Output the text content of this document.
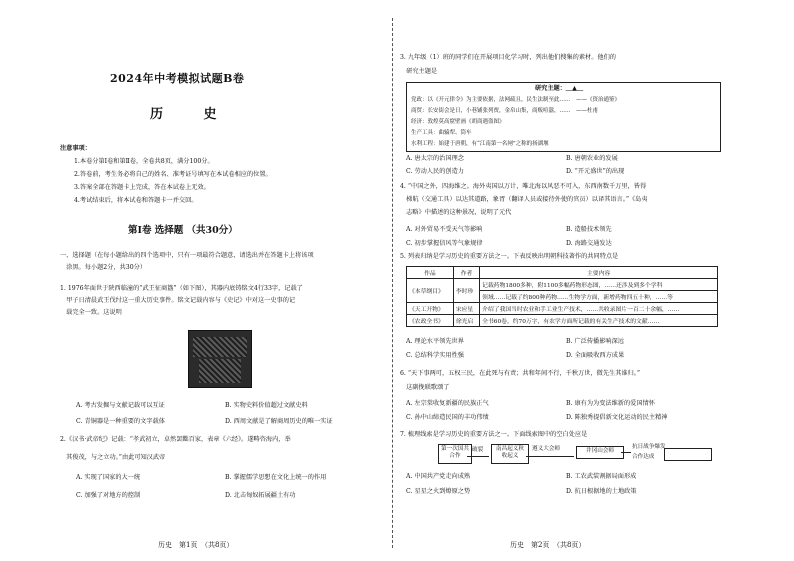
2024年中考模拟试题B卷
历 史
注意事项：
1.本卷分第Ⅰ卷和第Ⅱ卷，全卷共8页，满分100分。
2.答卷前，考生务必将自己的姓名、准考证号填写在本试卷相应的位置。
3.答案全部在答题卡上完成，答在本试卷上无效。
4.考试结束后，将本试卷和答题卡一并交回。
第Ⅰ卷 选择题 （共30分）
一、选择题（在每小题给出的四个选项中，只有一项最符合题意，请选出并在答题卡上将该项
　涂黑。每小题2分，共30分）
1. 1976年面世于陕西临潼的“武王征商簋”（如下图），其器内底铸铭文4行33字，记载了
　甲子日清晨武王伐纣这一重大历史事件。铭文记载内容与《史记》中对这一史事的记
　载完全一致。这说明
A. 考古发掘与文献记载可以互证	B. 实物史料价值超过文献史料
C. 青铜器是一种重要的文字载体	D. 西周文献是了解商周历史的唯一实证
2.《汉书·武帝纪》记载：“孝武初立，卓然罢黜百家，表章《六经》。遂畴咨海内，举
　其俊茂，与之立功。”由此可知汉武帝
A. 实现了国家的大一统	B. 掌握儒学思想在文化上统一的作用
C. 加强了对地方的控制	D. 北击匈奴拓展疆土有功
历史　第1页　（共8页）
3. 九年级（1）班的同学们在开展项目化学习时，列出他们搜集的素材。他们的
　研究主题是
研究主题：＿▲＿
党政：以《开元律令》为主要依据，法网疏且，民生法制至此……　——《资治通鉴》
商贸：长安街会是日，小巷铺张列贾，金帛山集，商贩喧嚣，……　——杜甫
经济：敦煌莫高窟壁画《胡商遇盗图》
生产工具：曲辕犁、筒车
水利工程：始建于唐朝，有“江南第一名闸”之称的扬湖堰
A. 唐太宗的治国理念	B. 唐朝农业的发展
C. 劳动人民的创造力	D. “开元盛世”的出现
4. “中国之外，四海维之。海外夷国以万计，唯北海以风恶不可入，东西南数千万里，皆得
　梯航（交通工具）以达其道路，象胥（翻译人员或接待外使的官员）以译其语言。”《岛夷
　志略》中描述的这种景况，说明了元代
A. 对外贸易不受天气等影响	B. 造船技术领先
C. 初步掌握信风等气象规律	D. 海路交通发达
5. 列表归纳是学习历史的重要方法之一。下表反映出明朝科技著作的共同特点是
作品	作者	主要内容
《本草纲目》	李时珍	记载药物1800多种，附1100多幅药物形态图，……还涉及到多个学科
		领域……记载了约800种药物……生物学方面，新增药物四五十种，……等
《天工开物》	宋应星	介绍了我国当时农业和手工业生产技术，……共收录图片一百二十余幅，……
《农政全书》	徐光启	全书60卷，约70万字，有农学方面所记载的有关生产技术的文献……
A. 理论水平领先世界	B. 广泛传播影响深远
C. 总结科学实用性强	D. 全面吸收西方成果
6. “天下事两可，五权三民，在此死与有责；共和年间不行，千秋万世，微先生其谁归。”
　这副挽联歌颂了
A. 左宗棠收复新疆的民族正气	B. 康有为为变法维新的爱国情怀
C. 孙中山缔造民国的丰功伟绩	D. 陈独秀提倡新文化运动的民主精神
7. 梳理线索是学习历史的重要方法之一。下面线索图中的空白处应是
第一次国共合作
破裂	南昌起义秋收起义
遵义大会师	井冈山会师
抗日战争爆发
合作达成
A. 中国共产党走向成熟	B. 工农武装割据局面形成
C. 星星之火到燎原之势	D. 抗日根据地的土地政策
历史　第2页　（共8页）
